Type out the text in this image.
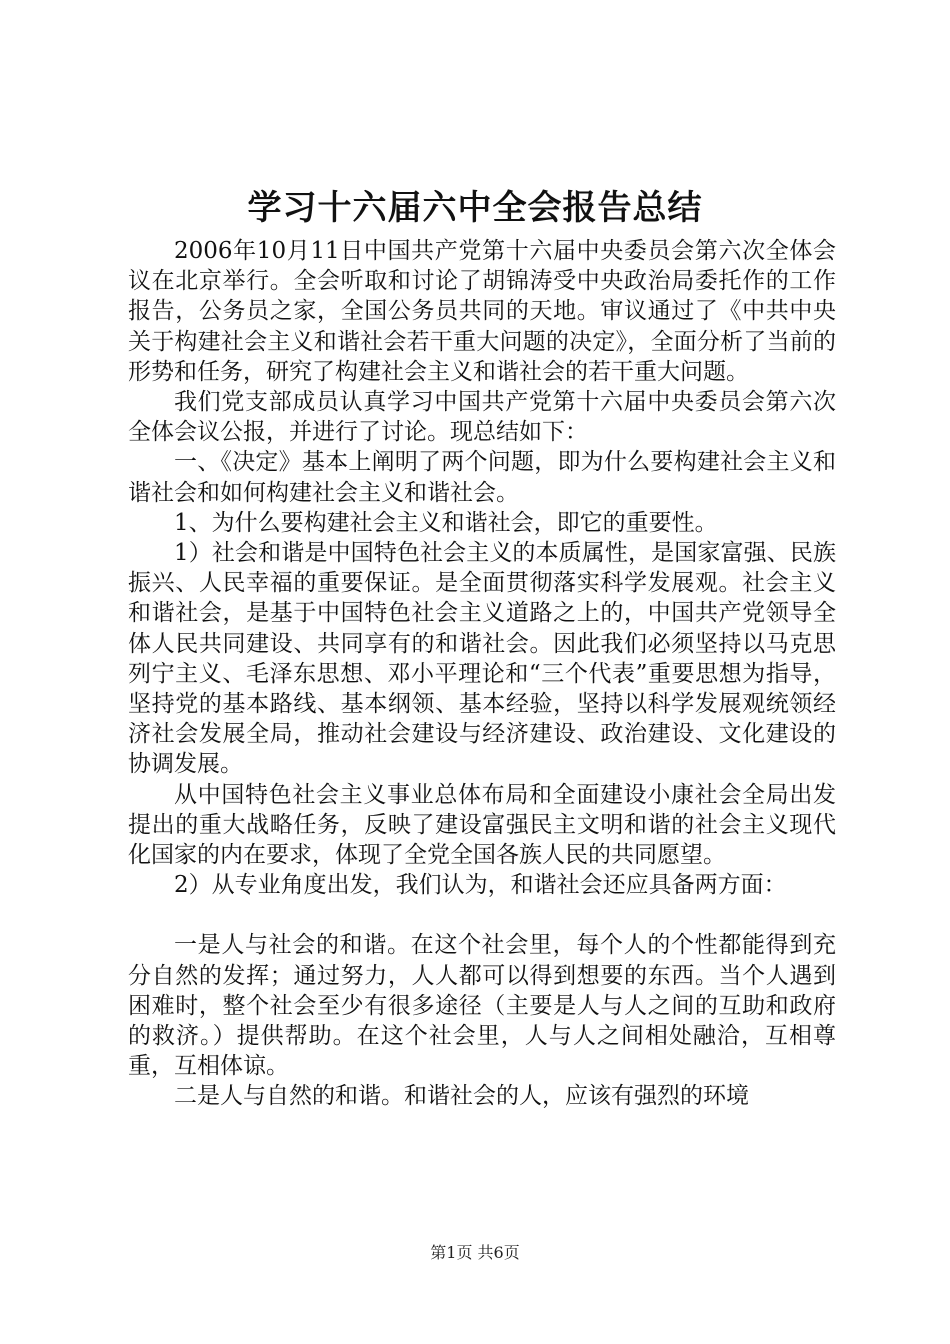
学习十六届六中全会报告总结

2006年10月11日中国共产党第十六届中央委员会第六次全体会议在北京举行。全会听取和讨论了胡锦涛受中央政治局委托作的工作报告，公务员之家，全国公务员共同的天地。审议通过了《中共中央关于构建社会主义和谐社会若干重大问题的决定》，全面分析了当前的形势和任务，研究了构建社会主义和谐社会的若干重大问题。

我们党支部成员认真学习中国共产党第十六届中央委员会第六次全体会议公报，并进行了讨论。现总结如下：

一、《决定》基本上阐明了两个问题，即为什么要构建社会主义和谐社会和如何构建社会主义和谐社会。

1、为什么要构建社会主义和谐社会，即它的重要性。

1）社会和谐是中国特色社会主义的本质属性，是国家富强、民族振兴、人民幸福的重要保证。是全面贯彻落实科学发展观。社会主义和谐社会，是基于中国特色社会主义道路之上的，中国共产党领导全体人民共同建设、共同享有的和谐社会。因此我们必须坚持以马克思列宁主义、毛泽东思想、邓小平理论和“三个代表”重要思想为指导，坚持党的基本路线、基本纲领、基本经验，坚持以科学发展观统领经济社会发展全局，推动社会建设与经济建设、政治建设、文化建设的协调发展。

从中国特色社会主义事业总体布局和全面建设小康社会全局出发提出的重大战略任务，反映了建设富强民主文明和谐的社会主义现代化国家的内在要求，体现了全党全国各族人民的共同愿望。

2）从专业角度出发，我们认为，和谐社会还应具备两方面：

一是人与社会的和谐。在这个社会里，每个人的个性都能得到充分自然的发挥；通过努力，人人都可以得到想要的东西。当个人遇到困难时，整个社会至少有很多途径（主要是人与人之间的互助和政府的救济。）提供帮助。在这个社会里，人与人之间相处融洽，互相尊重，互相体谅。

二是人与自然的和谐。和谐社会的人，应该有强烈的环境

第1页 共6页
